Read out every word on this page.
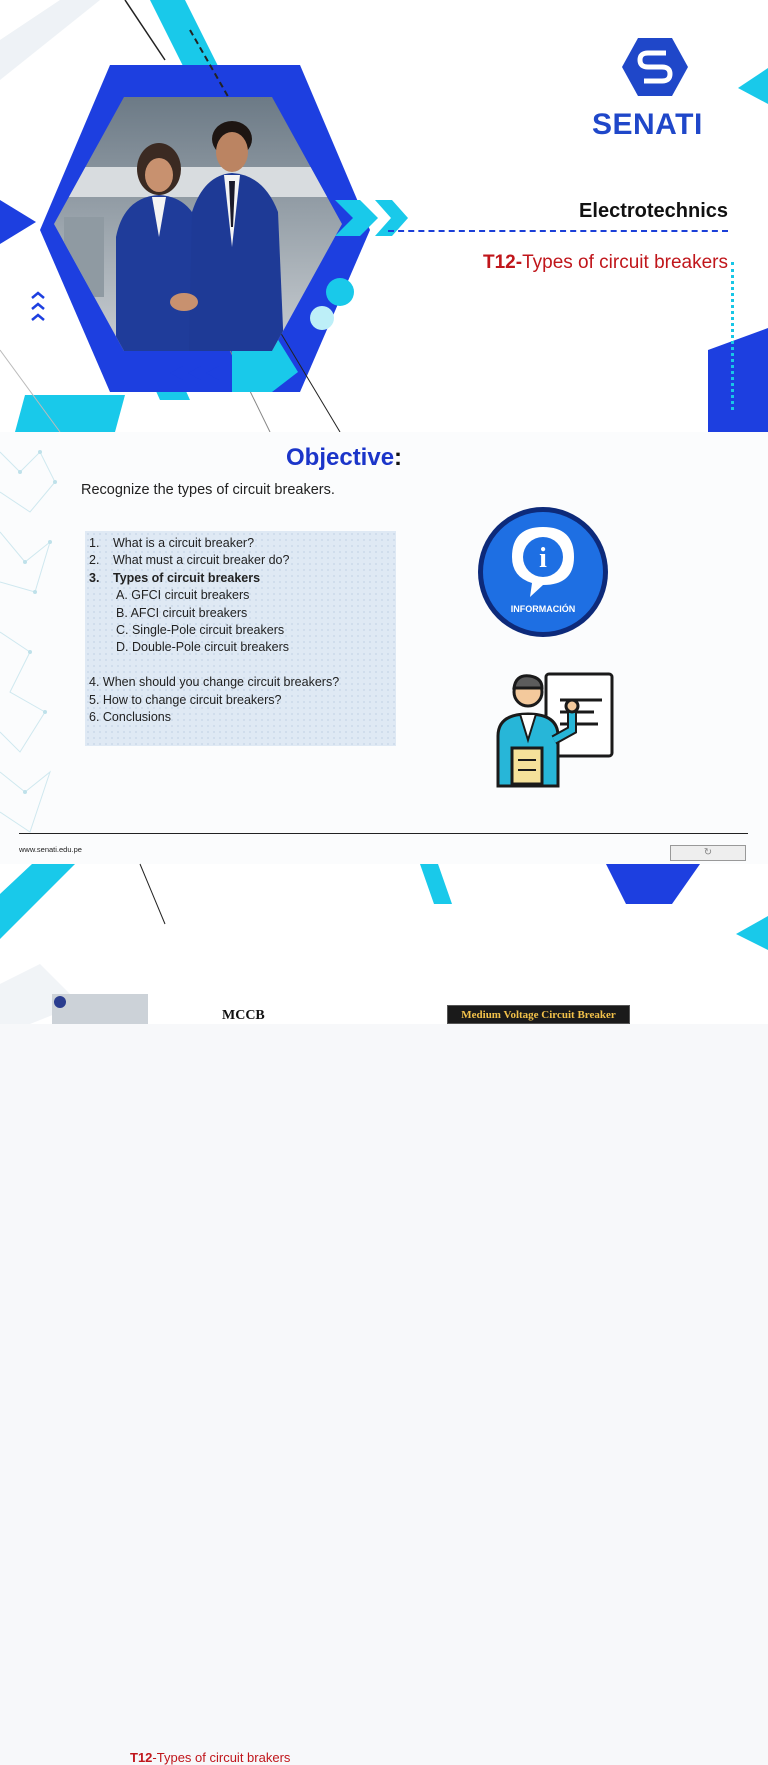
SENATI
Electrotechnics
T12-Types of circuit breakers
Objective:
Recognize the types of circuit breakers.
1. What is a circuit breaker?
2. What must a circuit breaker do?
3. Types of circuit breakers
A. GFCI circuit breakers
B. AFCI circuit breakers
C. Single-Pole circuit breakers
D. Double-Pole circuit breakers
4. When should you change circuit breakers?
5. How to change circuit breakers?
6. Conclusions
i
INFORMACIÓN
www.senati.edu.pe	↻
T12-Types of circuit brakers
MCCB	Medium Voltage Circuit Breaker
